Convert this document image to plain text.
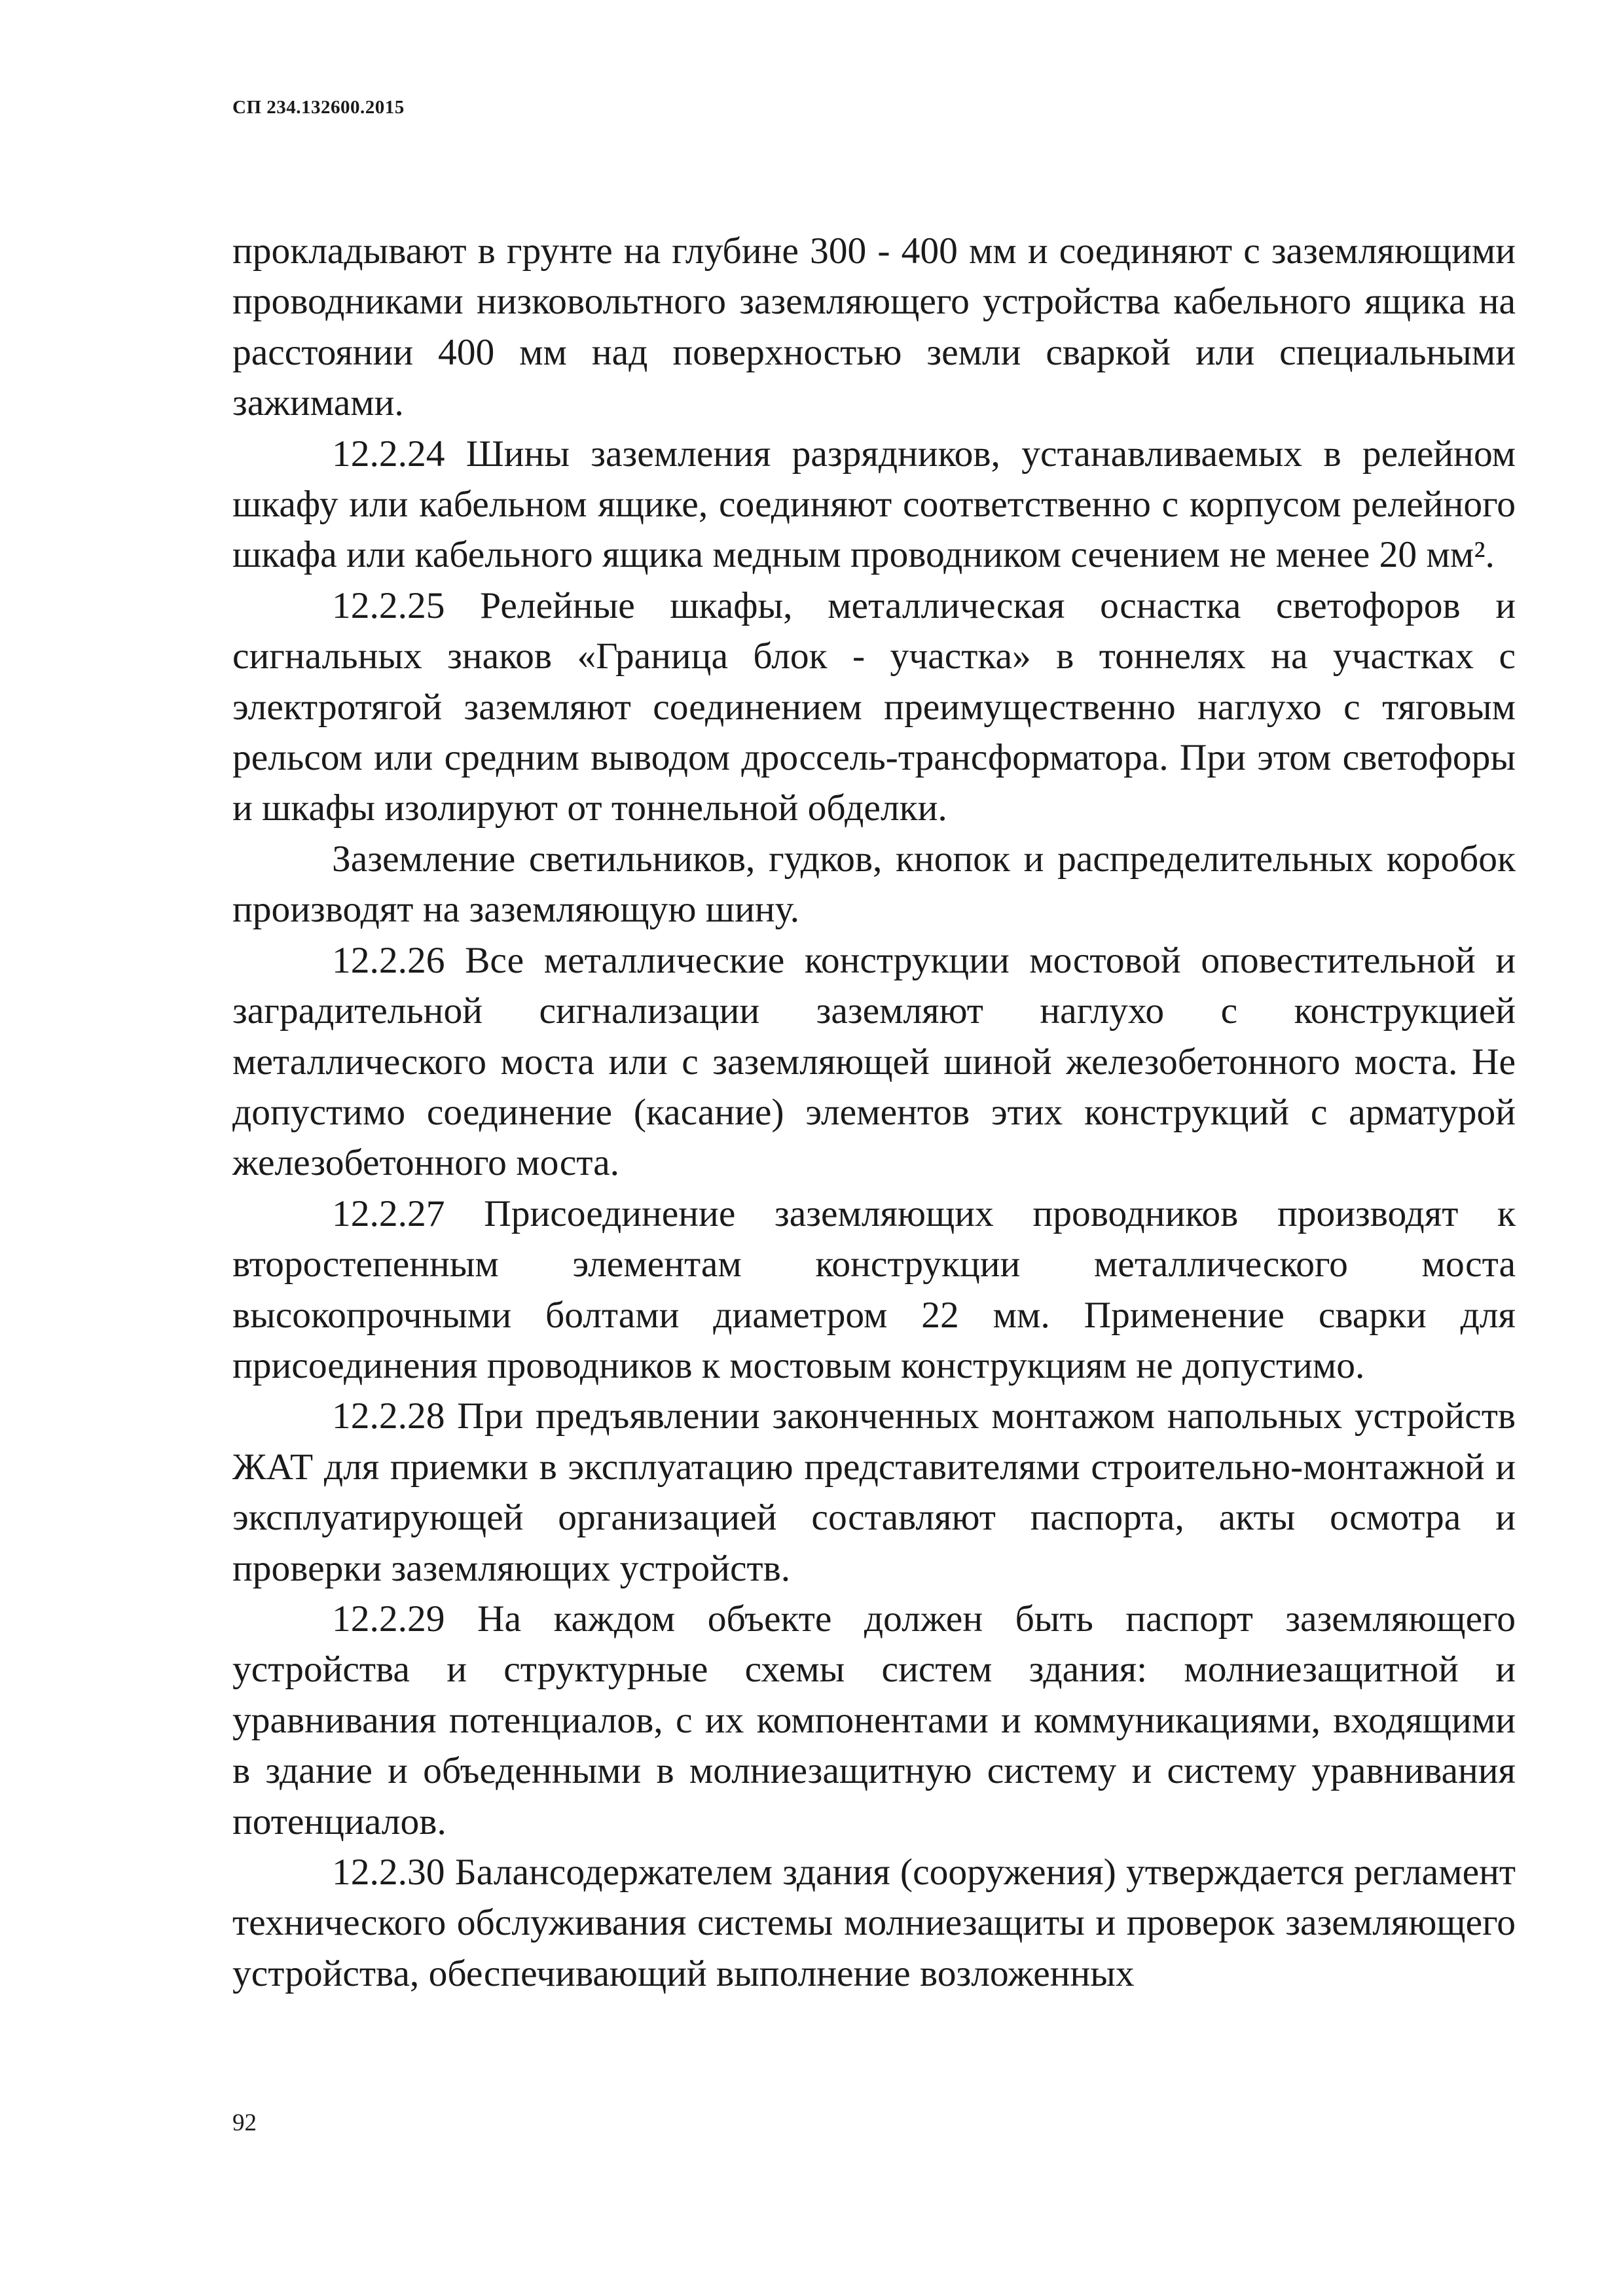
СП 234.132600.2015

прокладывают в грунте на глубине 300 - 400 мм и соединяют с заземляющими проводниками низковольтного заземляющего устройства кабельного ящика на расстоянии 400 мм над поверхностью земли сваркой или специальными зажимами.

12.2.24 Шины заземления разрядников, устанавливаемых в релейном шкафу или кабельном ящике, соединяют соответственно с корпусом релейного шкафа или кабельного ящика медным проводником сечением не менее 20 мм².

12.2.25 Релейные шкафы, металлическая оснастка светофоров и сигнальных знаков «Граница блок - участка» в тоннелях на участках с электротягой заземляют соединением преимущественно наглухо с тяговым рельсом или средним выводом дроссель-трансформатора. При этом светофоры и шкафы изолируют от тоннельной обделки.

Заземление светильников, гудков, кнопок и распределительных коробок производят на заземляющую шину.

12.2.26 Все металлические конструкции мостовой оповестительной и заградительной сигнализации заземляют наглухо с конструкцией металлического моста или с заземляющей шиной железобетонного моста. Не допустимо соединение (касание) элементов этих конструкций с арматурой железобетонного моста.

12.2.27 Присоединение заземляющих проводников производят к второстепенным элементам конструкции металлического моста высокопрочными болтами диаметром 22 мм. Применение сварки для присоединения проводников к мостовым конструкциям не допустимо.

12.2.28 При предъявлении законченных монтажом напольных устройств ЖАТ для приемки в эксплуатацию представителями строительно-монтажной и эксплуатирующей организацией составляют паспорта, акты осмотра и проверки заземляющих устройств.

12.2.29 На каждом объекте должен быть паспорт заземляющего устройства и структурные схемы систем здания: молниезащитной и уравнивания потенциалов, с их компонентами и коммуникациями, входящими в здание и объеденными в молниезащитную систему и систему уравнивания потенциалов.

12.2.30 Балансодержателем здания (сооружения) утверждается регламент технического обслуживания системы молниезащиты и проверок заземляющего устройства, обеспечивающий выполнение возложенных

92
